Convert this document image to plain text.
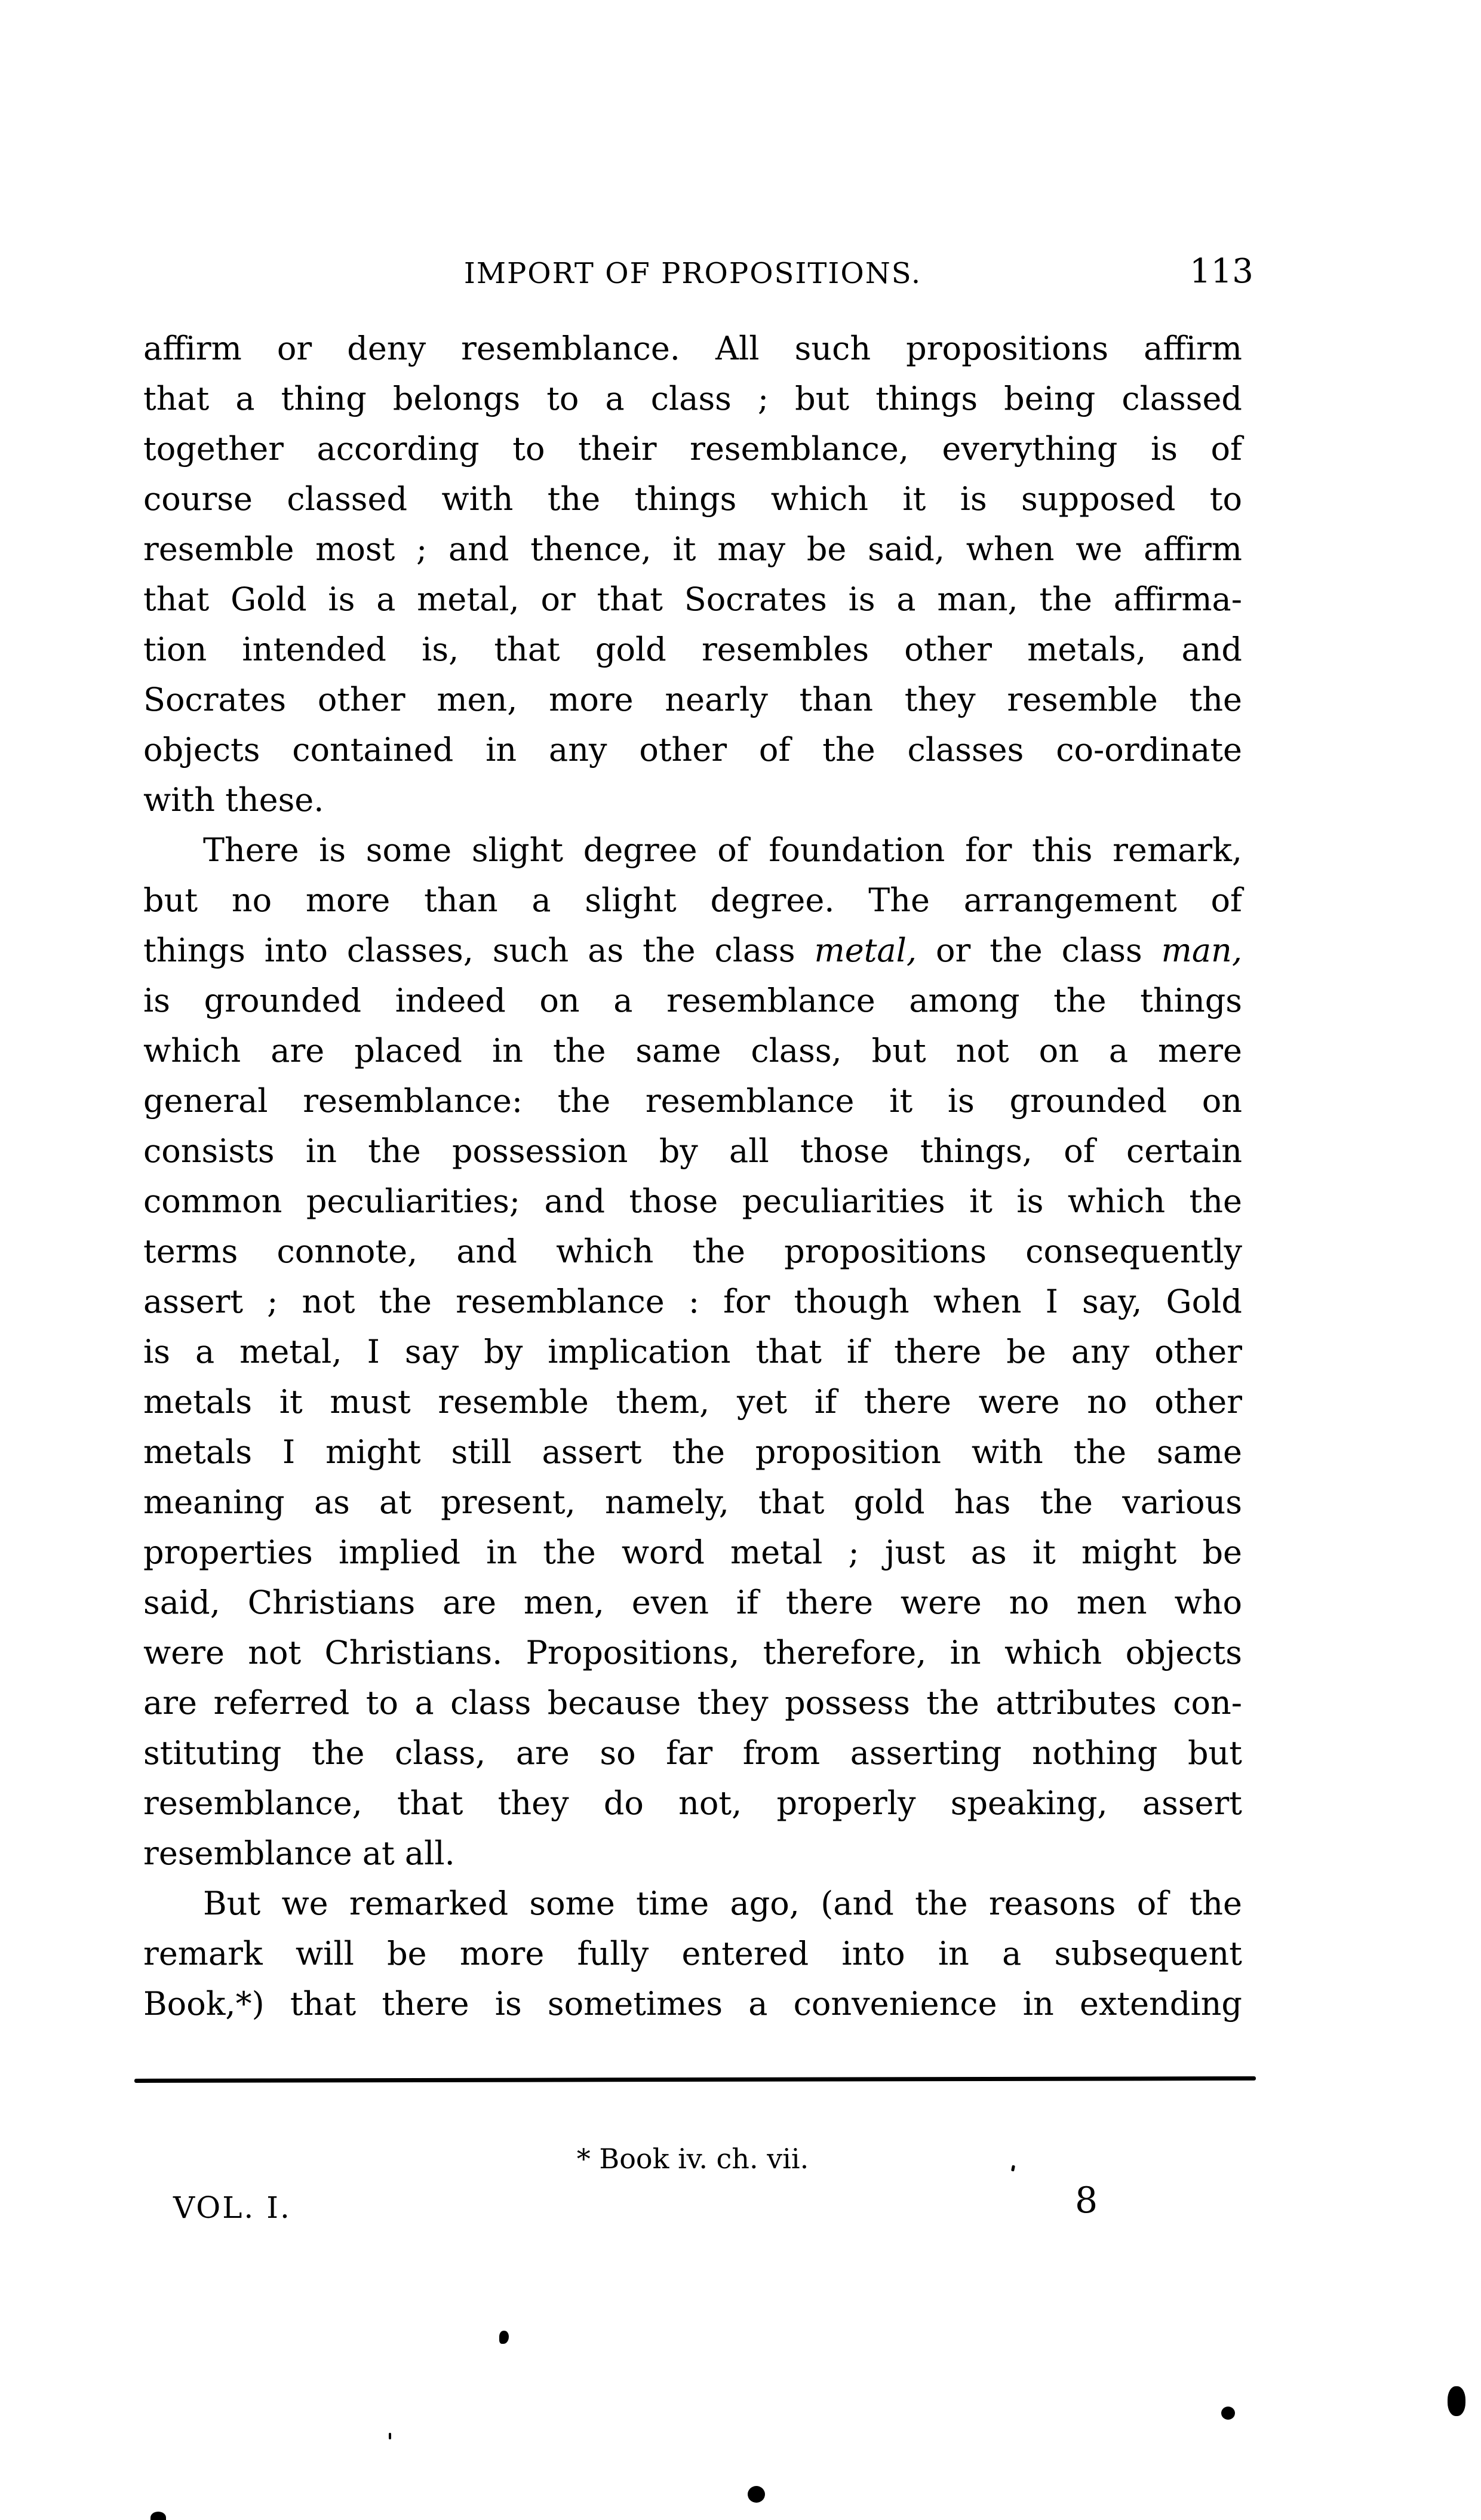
IMPORT OF PROPOSITIONS.	113
affirm or deny resemblance. All such propositions affirm
that a thing belongs to a class ; but things being classed
together according to their resemblance, everything is of
course classed with the things which it is supposed to
resemble most ; and thence, it may be said, when we affirm
that Gold is a metal, or that Socrates is a man, the affirma-
tion intended is, that gold resembles other metals, and
Socrates other men, more nearly than they resemble the
objects contained in any other of the classes co-ordinate
with these.
There is some slight degree of foundation for this remark,
but no more than a slight degree. The arrangement of
things into classes, such as the class metal, or the class man,
is grounded indeed on a resemblance among the things
which are placed in the same class, but not on a mere
general resemblance: the resemblance it is grounded on
consists in the possession by all those things, of certain
common peculiarities; and those peculiarities it is which the
terms connote, and which the propositions consequently
assert ; not the resemblance : for though when I say, Gold
is a metal, I say by implication that if there be any other
metals it must resemble them, yet if there were no other
metals I might still assert the proposition with the same
meaning as at present, namely, that gold has the various
properties implied in the word metal ; just as it might be
said, Christians are men, even if there were no men who
were not Christians. Propositions, therefore, in which objects
are referred to a class because they possess the attributes con-
stituting the class, are so far from asserting nothing but
resemblance, that they do not, properly speaking, assert
resemblance at all.
But we remarked some time ago, (and the reasons of the
remark will be more fully entered into in a subsequent
Book,*) that there is sometimes a convenience in extending
* Book iv. ch. vii.
VOL. I.	8
